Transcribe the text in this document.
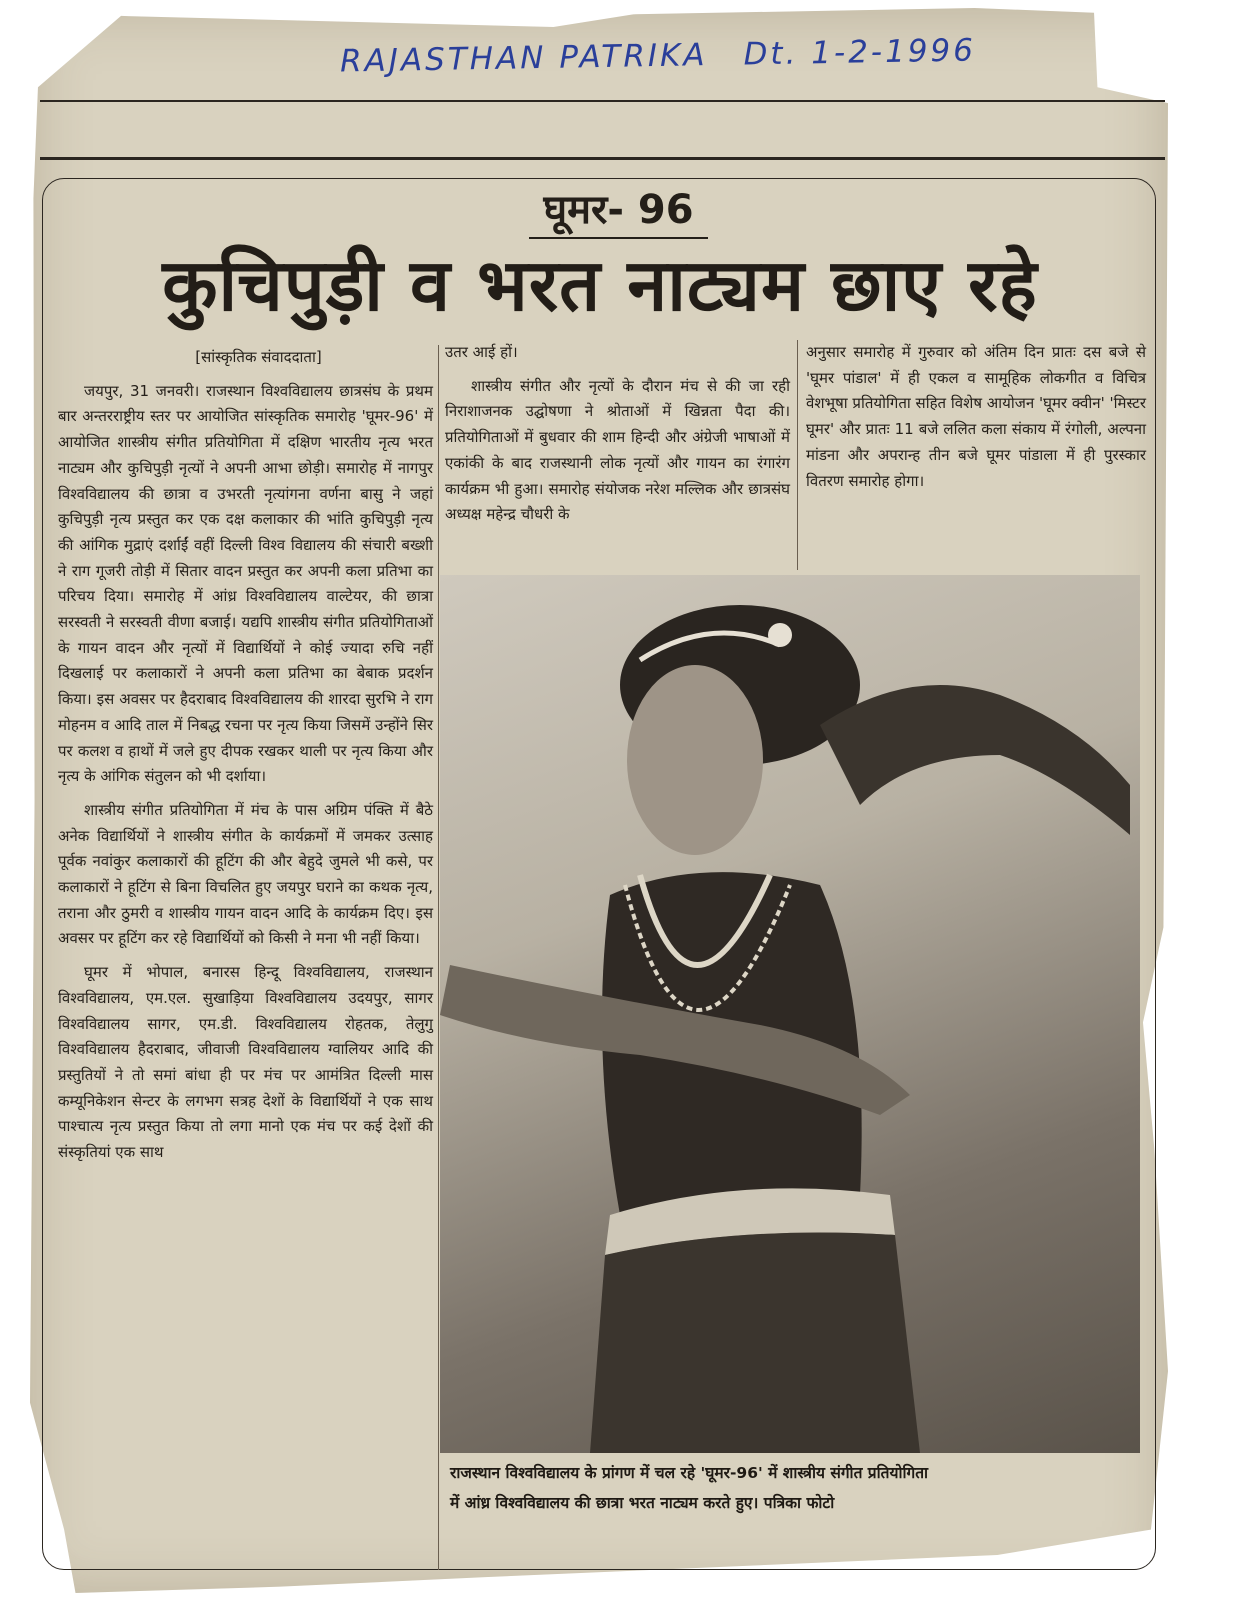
RAJASTHAN PATRIKA Dt. 1-2-1996
घूमर- 96
कुचिपुड़ी व भरत नाट्यम छाए रहे

[सांस्कृतिक संवाददाता]

जयपुर, 31 जनवरी। राजस्थान विश्वविद्यालय छात्रसंघ के प्रथम बार अन्तरराष्ट्रीय स्तर पर आयोजित सांस्कृतिक समारोह 'घूमर-96' में आयोजित शास्त्रीय संगीत प्रतियोगिता में दक्षिण भारतीय नृत्य भरत नाट्यम और कुचिपुड़ी नृत्यों ने अपनी आभा छोड़ी। समारोह में नागपुर विश्वविद्यालय की छात्रा व उभरती नृत्यांगना वर्णना बासु ने जहां कुचिपुड़ी नृत्य प्रस्तुत कर एक दक्ष कलाकार की भांति कुचिपुड़ी नृत्य की आंगिक मुद्राएं दर्शाईं वहीं दिल्ली विश्व विद्यालय की संचारी बख्शी ने राग गूजरी तोड़ी में सितार वादन प्रस्तुत कर अपनी कला प्रतिभा का परिचय दिया। समारोह में आंध्र विश्वविद्यालय वाल्टेयर, की छात्रा सरस्वती ने सरस्वती वीणा बजाई। यद्यपि शास्त्रीय संगीत प्रतियोगिताओं के गायन वादन और नृत्यों में विद्यार्थियों ने कोई ज्यादा रुचि नहीं दिखलाई पर कलाकारों ने अपनी कला प्रतिभा का बेबाक प्रदर्शन किया। इस अवसर पर हैदराबाद विश्वविद्यालय की शारदा सुरभि ने राग मोहनम व आदि ताल में निबद्ध रचना पर नृत्य किया जिसमें उन्होंने सिर पर कलश व हाथों में जले हुए दीपक रखकर थाली पर नृत्य किया और नृत्य के आंगिक संतुलन को भी दर्शाया।

शास्त्रीय संगीत प्रतियोगिता में मंच के पास अग्रिम पंक्ति में बैठे अनेक विद्यार्थियों ने शास्त्रीय संगीत के कार्यक्रमों में जमकर उत्साह पूर्वक नवांकुर कलाकारों की हूटिंग की और बेहुदे जुमले भी कसे, पर कलाकारों ने हूटिंग से बिना विचलित हुए जयपुर घराने का कथक नृत्य, तराना और ठुमरी व शास्त्रीय गायन वादन आदि के कार्यक्रम दिए। इस अवसर पर हूटिंग कर रहे विद्यार्थियों को किसी ने मना भी नहीं किया।

घूमर में भोपाल, बनारस हिन्दू विश्वविद्यालय, राजस्थान विश्वविद्यालय, एम.एल. सुखाड़िया विश्वविद्यालय उदयपुर, सागर विश्वविद्यालय सागर, एम.डी. विश्वविद्यालय रोहतक, तेलुगु विश्वविद्यालय हैदराबाद, जीवाजी विश्वविद्यालय ग्वालियर आदि की प्रस्तुतियों ने तो समां बांधा ही पर मंच पर आमंत्रित दिल्ली मास कम्यूनिकेशन सेन्टर के लगभग सत्रह देशों के विद्यार्थियों ने एक साथ पाश्चात्य नृत्य प्रस्तुत किया तो लगा मानो एक मंच पर कई देशों की संस्कृतियां एक साथ

उतर आई हों।

शास्त्रीय संगीत और नृत्यों के दौरान मंच से की जा रही निराशाजनक उद्घोषणा ने श्रोताओं में खिन्नता पैदा की। प्रतियोगिताओं में बुधवार की शाम हिन्दी और अंग्रेजी भाषाओं में एकांकी के बाद राजस्थानी लोक नृत्यों और गायन का रंगारंग कार्यक्रम भी हुआ। समारोह संयोजक नरेश मल्लिक और छात्रसंघ अध्यक्ष महेन्द्र चौधरी के

अनुसार समारोह में गुरुवार को अंतिम दिन प्रातः दस बजे से 'घूमर पांडाल' में ही एकल व सामूहिक लोकगीत व विचित्र वेशभूषा प्रतियोगिता सहित विशेष आयोजन 'घूमर क्वीन' 'मिस्टर घूमर' और प्रातः 11 बजे ललित कला संकाय में रंगोली, अल्पना मांडना और अपरान्ह तीन बजे घूमर पांडाला में ही पुरस्कार वितरण समारोह होगा।

राजस्थान विश्वविद्यालय के प्रांगण में चल रहे 'घूमर-96' में शास्त्रीय संगीत प्रतियोगिता
में आंध्र विश्वविद्यालय की छात्रा भरत नाट्यम करते हुए। पत्रिका फोटो
